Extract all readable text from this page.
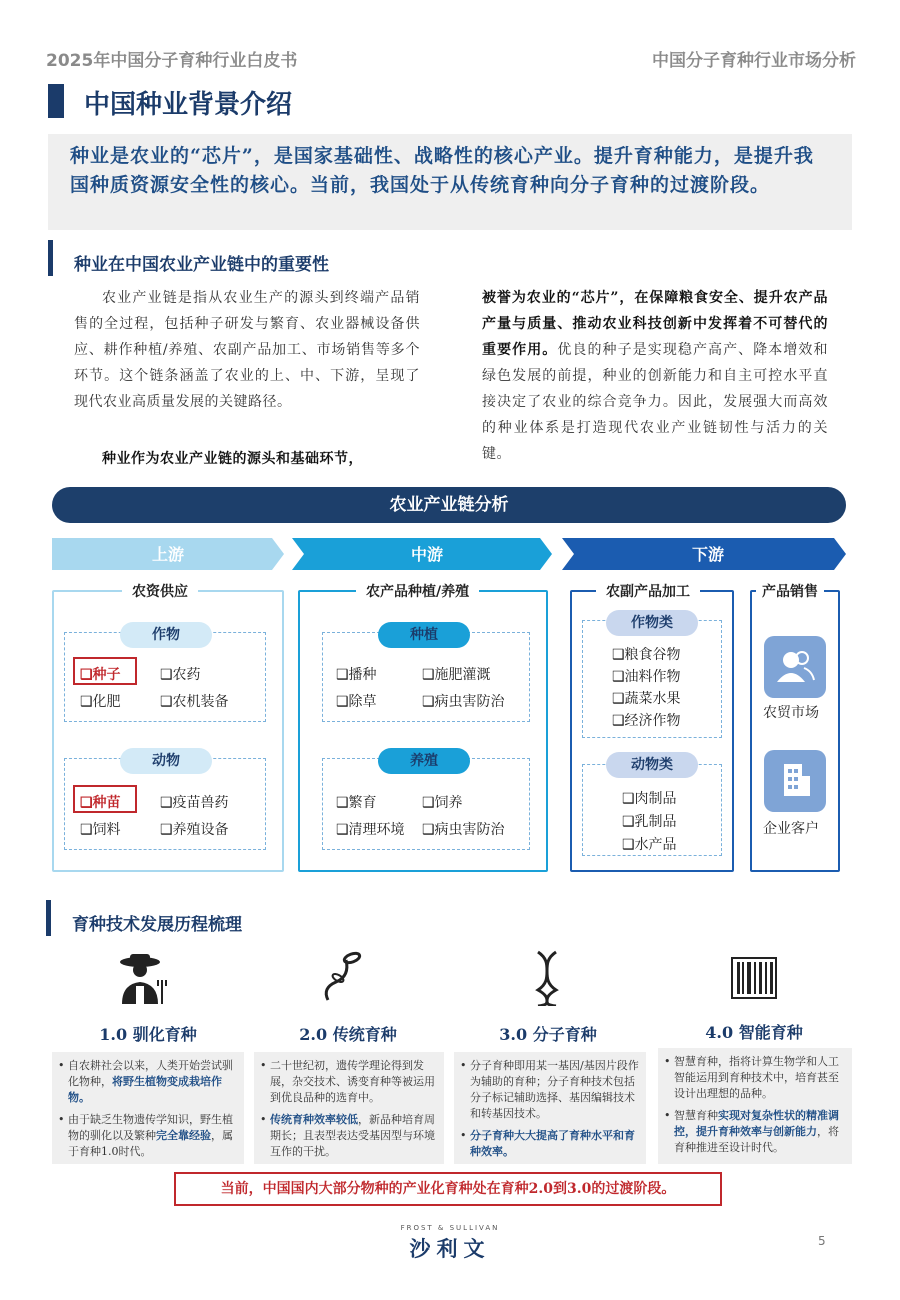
2025年中国分子育种行业白皮书	中国分子育种行业市场分析
中国种业背景介绍
种业是农业的“芯片”，是国家基础性、战略性的核心产业。提升育种能力，是提升我国种质资源安全性的核心。当前，我国处于从传统育种向分子育种的过渡阶段。
种业在中国农业产业链中的重要性
农业产业链是指从农业生产的源头到终端产品销售的全过程，包括种子研发与繁育、农业器械设备供应、耕作种植/养殖、农副产品加工、市场销售等多个环节。这个链条涵盖了农业的上、中、下游，呈现了现代农业高质量发展的关键路径。
种业作为农业产业链的源头和基础环节，
被誉为农业的“芯片”，在保障粮食安全、提升农产品产量与质量、推动农业科技创新中发挥着不可替代的重要作用。优良的种子是实现稳产高产、降本增效和绿色发展的前提，种业的创新能力和自主可控水平直接决定了农业的综合竞争力。因此，发展强大而高效的种业体系是打造现代农业产业链韧性与活力的关键。
农业产业链分析
上游	中游	下游
农资供应
作物
❑种子	❑农药
❑化肥	❑农机装备
动物
❑种苗	❑疫苗兽药
❑饲料	❑养殖设备
农产品种植/养殖
种植
❑播种	❑施肥灌溉
❑除草	❑病虫害防治
养殖
❑繁育	❑饲养
❑清理环境 ❑病虫害防治
农副产品加工
作物类
❑粮食谷物
❑油料作物
❑蔬菜水果
❑经济作物
动物类
❑肉制品
❑乳制品
❑水产品
产品销售
农贸市场
企业客户
育种技术发展历程梳理
1.0 驯化育种	2.0 传统育种	3.0 分子育种	4.0 智能育种
• 自农耕社会以来，人类开始尝试驯化物种，将野生植物变成栽培作物。
• 由于缺乏生物遗传学知识，野生植物的驯化以及繁种完全靠经验，属于育种1.0时代。
• 二十世纪初，遗传学理论得到发展，杂交技术、诱变育种等被运用到优良品种的选育中。
• 传统育种效率较低，新品种培育周期长；且表型表达受基因型与环境互作的干扰。
• 分子育种即用某一基因/基因片段作为辅助的育种；分子育种技术包括分子标记辅助选择、基因编辑技术和转基因技术。
• 分子育种大大提高了育种水平和育种效率。
• 智慧育种，指将计算生物学和人工智能运用到育种技术中，培育甚至设计出理想的品种。
• 智慧育种实现对复杂性状的精准调控，提升育种效率与创新能力，将育种推进至设计时代。
当前，中国国内大部分物种的产业化育种处在育种2.0到3.0的过渡阶段。
FROST & SULLIVAN
沙利文	5
